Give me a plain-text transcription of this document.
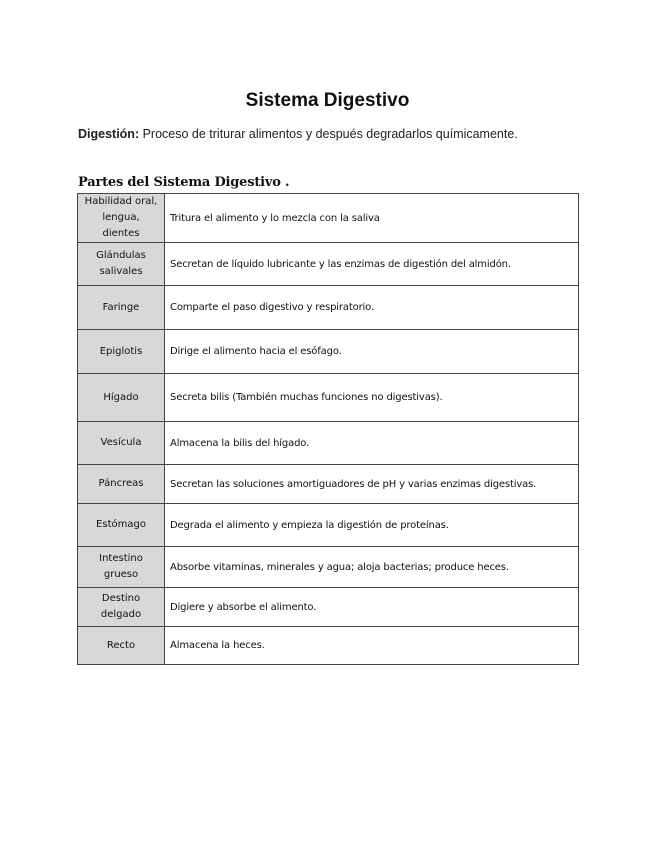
Sistema Digestivo

Digestión: Proceso de triturar alimentos y después degradarlos químicamente.

Partes del Sistema Digestivo .
Habilidad oral, lengua, dientes	Tritura el alimento y lo mezcla con la saliva
Glándulas salivales	Secretan de líquido lubricante y las enzimas de digestión del almidón.
Faringe	Comparte el paso digestivo y respiratorio.
Epiglotis	Dirige el alimento hacia el esófago.
Hígado	Secreta bilis (También muchas funciones no digestivas).
Vesícula	Almacena la bilis del hígado.
Páncreas	Secretan las soluciones amortiguadores de pH y varias enzimas digestivas.
Estómago	Degrada el alimento y empieza la digestión de proteínas.
Intestino grueso	Absorbe vitaminas, minerales y agua; aloja bacterias; produce heces.
Destino delgado	Digiere y absorbe el alimento.
Recto	Almacena la heces.
